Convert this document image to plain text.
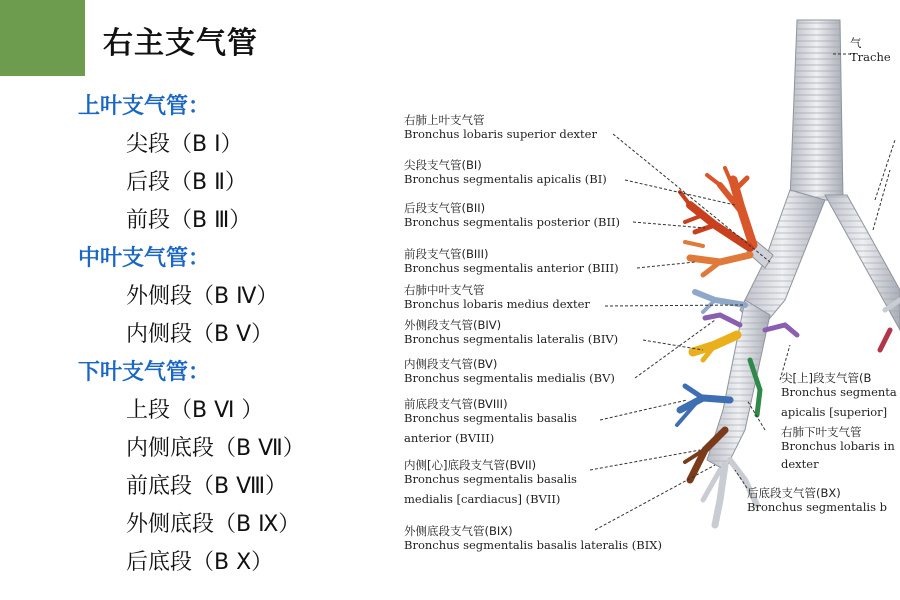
右主支气管
上叶支气管：
尖段（B Ⅰ）
后段（B Ⅱ）
前段（B Ⅲ）
中叶支气管：
外侧段（B Ⅳ）
内侧段（B Ⅴ）
下叶支气管：
上段（B Ⅵ ）
内侧底段（B Ⅶ）
前底段（B Ⅷ）
外侧底段（B Ⅸ）
后底段（B Ⅹ）
气
Trache
右肺上叶支气管
Bronchus lobaris superior dexter
尖段支气管(BI)
Bronchus segmentalis apicalis (BI)
后段支气管(BII)
Bronchus segmentalis posterior (BII)
前段支气管(BIII)
Bronchus segmentalis anterior (BIII)
右肺中叶支气管
Bronchus lobaris medius dexter
外侧段支气管(BIV)
Bronchus segmentalis lateralis (BIV)
内侧段支气管(BV)
Bronchus segmentalis medialis (BV)
前底段支气管(BVIII)
Bronchus segmentalis basalis
anterior (BVIII)
内侧[心]底段支气管(BVII)
Bronchus segmentalis basalis
medialis [cardiacus] (BVII)
外侧底段支气管(BIX)
Bronchus segmentalis basalis lateralis (BIX)
尖[上]段支气管(B
Bronchus segmenta
apicalis [superior]
右肺下叶支气管
Bronchus lobaris in
dexter
后底段支气管(BX)
Bronchus segmentalis b
